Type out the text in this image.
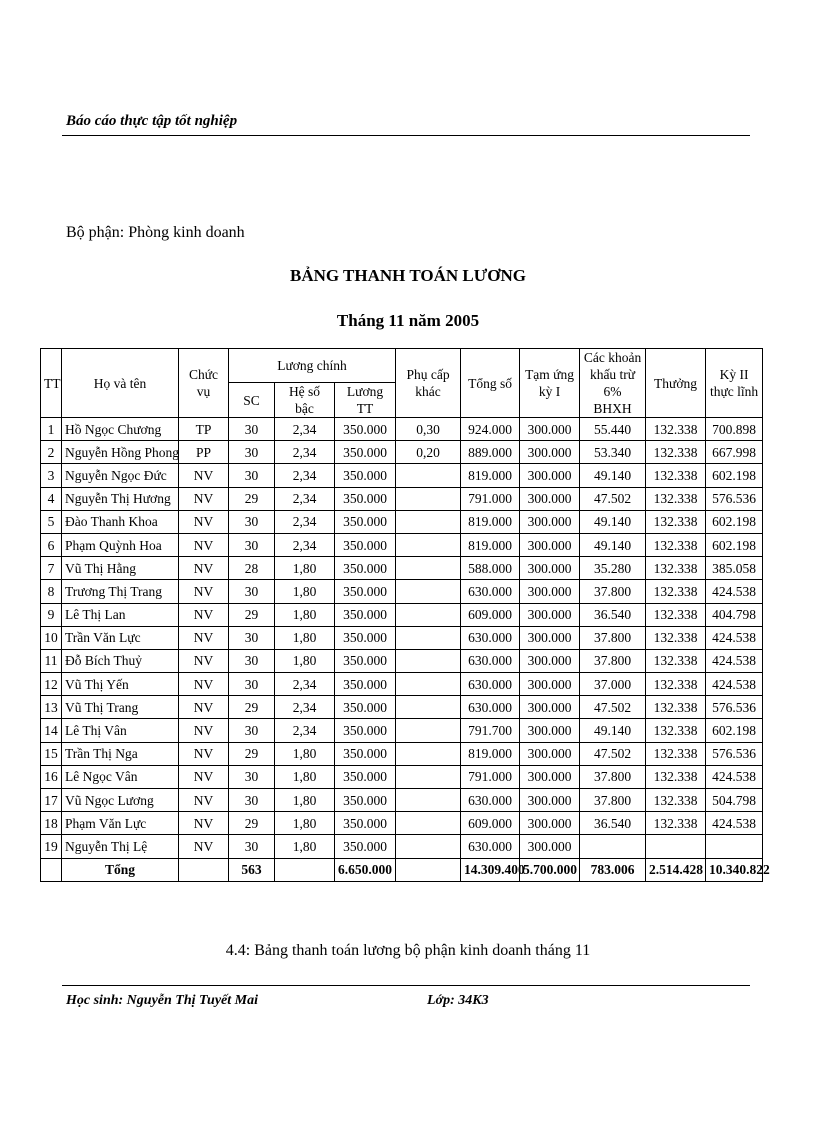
Báo cáo thực tập tốt nghiệp
Bộ phận: Phòng kinh doanh
BẢNG THANH TOÁN LƯƠNG
Tháng 11 năm 2005
TT	Họ và tên	Chức vụ	Lương chính			Phụ cấp khác	Tổng số	Tạm ứng kỳ I	Các khoản khấu trừ 6% BHXH	Thưởng	Kỳ II thực lĩnh
			SC	Hệ số bậc	Lương TT						
1	Hồ Ngọc Chương	TP	30	2,34	350.000	0,30	924.000	300.000	55.440	132.338	700.898
2	Nguyễn Hồng Phong	PP	30	2,34	350.000	0,20	889.000	300.000	53.340	132.338	667.998
3	Nguyễn Ngọc Đức	NV	30	2,34	350.000		819.000	300.000	49.140	132.338	602.198
4	Nguyễn Thị Hương	NV	29	2,34	350.000		791.000	300.000	47.502	132.338	576.536
5	Đào Thanh Khoa	NV	30	2,34	350.000		819.000	300.000	49.140	132.338	602.198
6	Phạm Quỳnh Hoa	NV	30	2,34	350.000		819.000	300.000	49.140	132.338	602.198
7	Vũ Thị Hằng	NV	28	1,80	350.000		588.000	300.000	35.280	132.338	385.058
8	Trương Thị Trang	NV	30	1,80	350.000		630.000	300.000	37.800	132.338	424.538
9	Lê Thị Lan	NV	29	1,80	350.000		609.000	300.000	36.540	132.338	404.798
10	Trần Văn Lực	NV	30	1,80	350.000		630.000	300.000	37.800	132.338	424.538
11	Đỗ Bích Thuỷ	NV	30	1,80	350.000		630.000	300.000	37.800	132.338	424.538
12	Vũ Thị Yến	NV	30	2,34	350.000		630.000	300.000	37.000	132.338	424.538
13	Vũ Thị Trang	NV	29	2,34	350.000		630.000	300.000	47.502	132.338	576.536
14	Lê Thị Vân	NV	30	2,34	350.000		791.700	300.000	49.140	132.338	602.198
15	Trần Thị Nga	NV	29	1,80	350.000		819.000	300.000	47.502	132.338	576.536
16	Lê Ngọc Vân	NV	30	1,80	350.000		791.000	300.000	37.800	132.338	424.538
17	Vũ Ngọc Lương	NV	30	1,80	350.000		630.000	300.000	37.800	132.338	504.798
18	Phạm Văn Lực	NV	29	1,80	350.000		609.000	300.000	36.540	132.338	424.538
19	Nguyễn Thị Lệ	NV	30	1,80	350.000		630.000	300.000			
	Tổng		563		6.650.000		14.309.400	5.700.000	783.006	2.514.428	10.340.822
4.4: Bảng thanh toán lương bộ phận kinh doanh tháng 11
Học sinh: Nguyễn Thị Tuyết Mai	Lớp: 34K3
